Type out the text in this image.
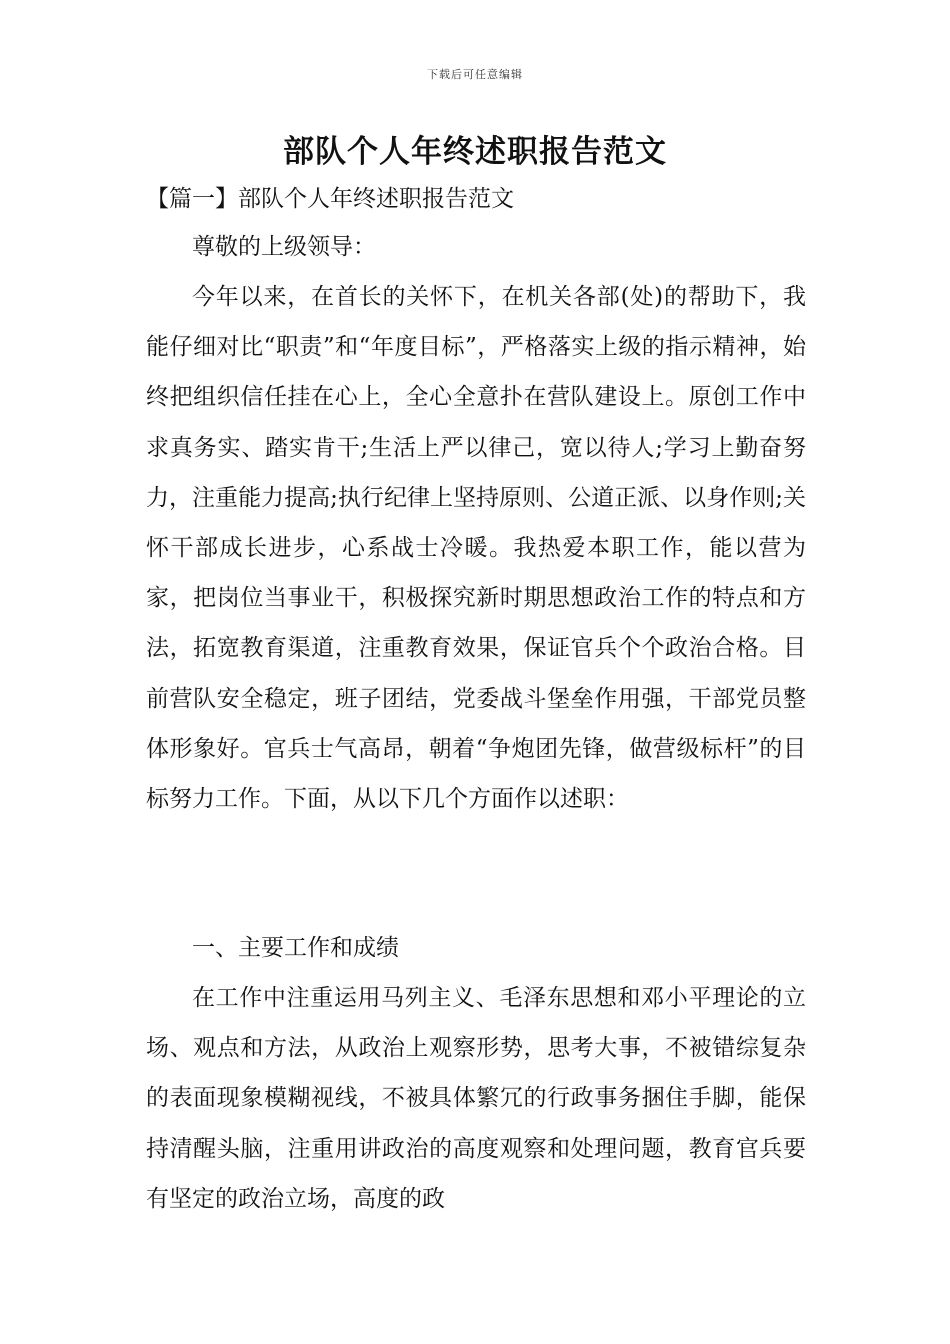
下载后可任意编辑
部队个人年终述职报告范文
【篇一】部队个人年终述职报告范文
尊敬的上级领导：
今年以来，在首长的关怀下，在机关各部(处)的帮助下，我能仔细对比“职责”和“年度目标”，严格落实上级的指示精神，始终把组织信任挂在心上，全心全意扑在营队建设上。原创工作中求真务实、踏实肯干;生活上严以律己，宽以待人;学习上勤奋努力，注重能力提高;执行纪律上坚持原则、公道正派、以身作则;关怀干部成长进步，心系战士冷暖。我热爱本职工作，能以营为家，把岗位当事业干，积极探究新时期思想政治工作的特点和方法，拓宽教育渠道，注重教育效果，保证官兵个个政治合格。目前营队安全稳定，班子团结，党委战斗堡垒作用强，干部党员整体形象好。官兵士气高昂，朝着“争炮团先锋，做营级标杆”的目标努力工作。下面，从以下几个方面作以述职：
一、主要工作和成绩
在工作中注重运用马列主义、毛泽东思想和邓小平理论的立场、观点和方法，从政治上观察形势，思考大事，不被错综复杂的表面现象模糊视线，不被具体繁冗的行政事务捆住手脚，能保持清醒头脑，注重用讲政治的高度观察和处理问题，教育官兵要有坚定的政治立场，高度的政
